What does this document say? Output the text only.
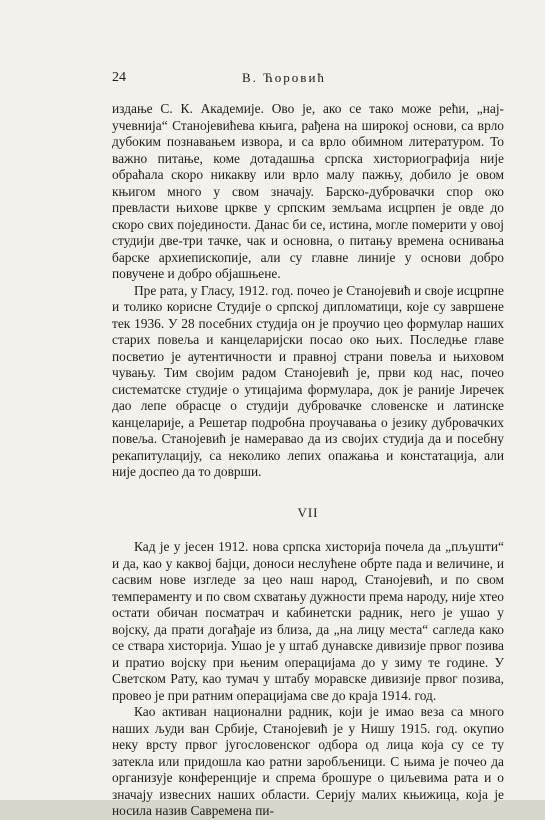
24	В. Ћоровић

издање С. К. Академије. Ово је, ако се тако може рећи, „нај-учевнија“ Станојевићева књига, рађена на широкој основи, са врло дубоким познавањем извора, и са врло обимном литературом. То важно питање, коме дотадашња српска хисториографија није обраћала скоро никакву или врло малу пажњу, добило је овом књигом много у свом значају. Барско-дубровачки спор око превласти њихове цркве у српским земљама исцрпен је овде до скоро свих појединости. Данас би се, истина, могле померити у овој студији две-три тачке, чак и основна, о питању времена оснивања барске архиепископије, али су главне линије у основи добро повучене и добро објашњене.

Пре рата, у Гласу, 1912. год. почео је Станојевић и своје исцрпне и толико корисне Студије о српској дипломатици, које су завршене тек 1936. У 28 посебних студија он је проучио цео формулар наших старих повеља и канцеларијски посао око њих. Последње главе посветио је аутентичности и правној страни повеља и њиховом чувању. Тим својим радом Станојевић је, први код нас, почео систематске студије о утицајима формулара, док је раније Јиречек дао лепе обрасце о студији дубровачке словенске и латинске канцеларије, а Решетар подробна проучавања о језику дубровачких повеља. Станојевић је намеравао да из својих студија да и посебну рекапитулацију, са неколико лепих опажања и констатација, али није доспео да то доврши.

VII

Кад је у јесен 1912. нова српска хисторија почела да „пљушти“ и да, као у каквој бајци, доноси неслућене обрте пада и величине, и сасвим нове изгледе за цео наш народ, Станојевић, и по свом темпераменту и по свом схватању дужности према народу, није хтео остати обичан посматрач и кабинетски радник, него је ушао у војску, да прати догађаје из близа, да „на лицу места“ сагледа како се ствара хисторија. Ушао је у штаб дунавске дивизије првог позива и пратио војску при њеним операцијама до у зиму те године. У Светском Рату, као тумач у штабу моравске дивизије првог позива, провео је при ратним операцијама све до краја 1914. год.

Као активан национални радник, који је имао веза са много наших људи ван Србије, Станојевић је у Нишу 1915. год. окупио неку врсту првог југословенског одбора од лица која су се ту затекла или придошла као ратни заробљеници. С њима је почео да организује конференције и спрема брошуре о циљевима рата и о значају извесних наших области. Серију малих књижица, која је носила назив Савремена пи-
